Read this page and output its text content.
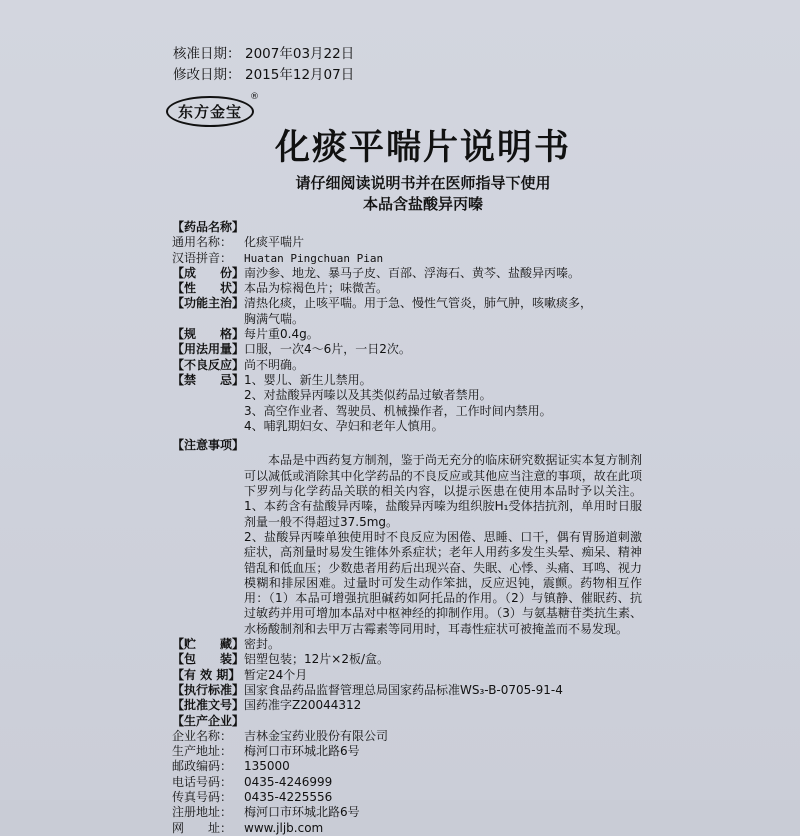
核准日期： 2007年03月22日
修改日期： 2015年12月07日
东方金宝
®
化痰平喘片说明书
请仔细阅读说明书并在医师指导下使用
本品含盐酸异丙嗪
【药品名称】
通用名称： 化痰平喘片
汉语拼音：	Huatan Pingchuan Pian
【成　　份】 南沙参、地龙、暴马子皮、百部、浮海石、黄芩、盐酸异丙嗪。
【性　　状】 本品为棕褐色片；味微苦。
【功能主治】 清热化痰，止咳平喘。用于急、慢性气管炎，肺气肿，咳嗽痰多，
胸满气喘。
【规　　格】 每片重0.4g。
【用法用量】 口服，一次4～6片，一日2次。
【不良反应】 尚不明确。
【禁　　忌】 1、婴儿、新生儿禁用。
2、对盐酸异丙嗪以及其类似药品过敏者禁用。
3、高空作业者、驾驶员、机械操作者，工作时间内禁用。
4、哺乳期妇女、孕妇和老年人慎用。
【注意事项】
本品是中西药复方制剂，鉴于尚无充分的临床研究数据证实本复方制剂可以减低或消除其中化学药品的不良反应或其他应当注意的事项，故在此项下罗列与化学药品关联的相关内容，以提示医患在使用本品时予以关注。1、本药含有盐酸异丙嗪，盐酸异丙嗪为组织胺H₁受体拮抗剂，单用时日服剂量一般不得超过37.5mg。
2、盐酸异丙嗪单独使用时不良反应为困倦、思睡、口干，偶有胃肠道刺激症状，高剂量时易发生锥体外系症状；老年人用药多发生头晕、痴呆、精神错乱和低血压；少数患者用药后出现兴奋、失眠、心悸、头痛、耳鸣、视力模糊和排尿困难。过量时可发生动作笨拙，反应迟钝，震颤。药物相互作用：（1）本品可增强抗胆碱药如阿托品的作用。（2）与镇静、催眠药、抗过敏药并用可增加本品对中枢神经的抑制作用。（3）与氨基糖苷类抗生素、水杨酸制剂和去甲万古霉素等同用时，耳毒性症状可被掩盖而不易发现。
【贮　　藏】 密封。
【包　　装】 铝塑包装；12片×2板/盒。
【有 效 期】 暂定24个月
【执行标准】 国家食品药品监督管理总局国家药品标准WS₃-B-0705-91-4
【批准文号】 国药准字Z20044312
【生产企业】
企业名称： 吉林金宝药业股份有限公司
生产地址： 梅河口市环城北路6号
邮政编码： 135000
电话号码： 0435-4246999
传真号码： 0435-4225556
注册地址： 梅河口市环城北路6号
网　　址： www.jljb.com
